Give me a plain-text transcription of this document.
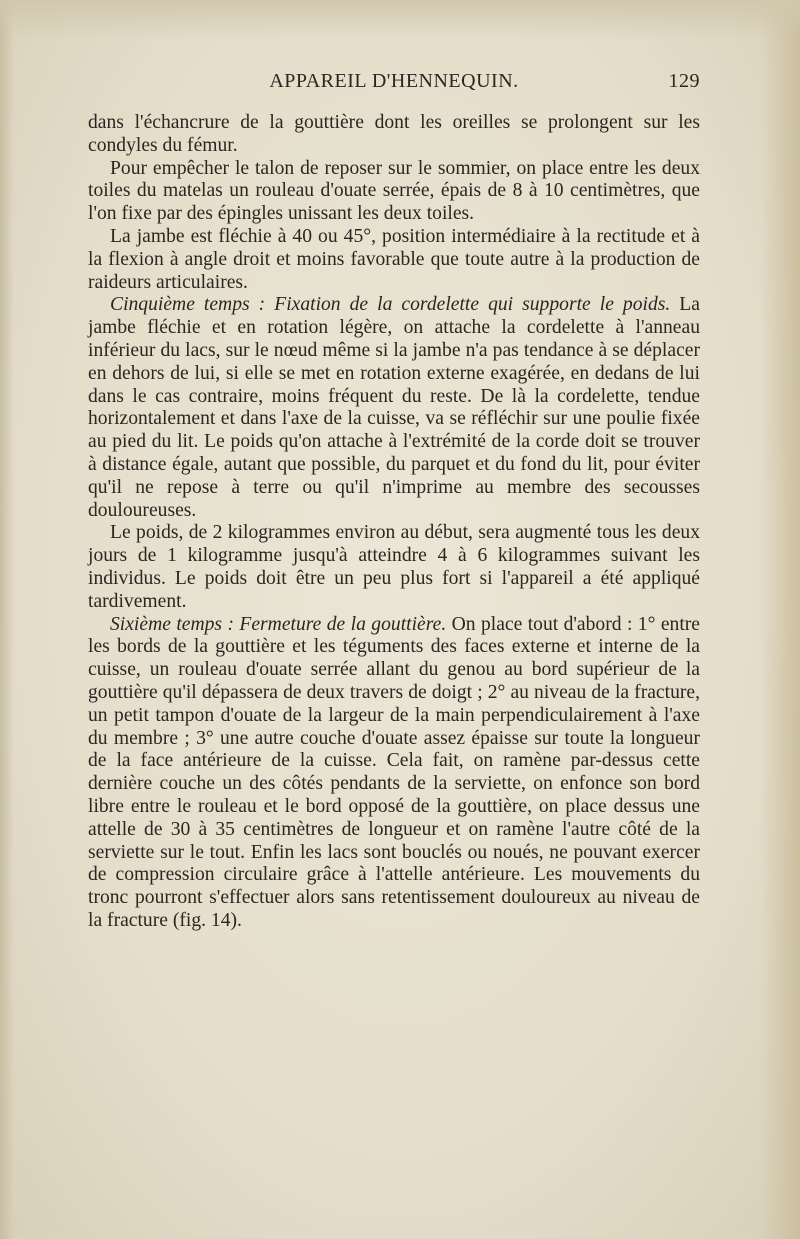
APPAREIL D'HENNEQUIN.	129

dans l'échancrure de la gouttière dont les oreilles se prolongent sur les condyles du fémur.

Pour empêcher le talon de reposer sur le sommier, on place entre les deux toiles du matelas un rouleau d'ouate serrée, épais de 8 à 10 centimètres, que l'on fixe par des épingles unissant les deux toiles.

La jambe est fléchie à 40 ou 45°, position intermédiaire à la rectitude et à la flexion à angle droit et moins favorable que toute autre à la production de raideurs articulaires.

Cinquième temps : Fixation de la cordelette qui supporte le poids. La jambe fléchie et en rotation légère, on attache la cordelette à l'anneau inférieur du lacs, sur le nœud même si la jambe n'a pas tendance à se déplacer en dehors de lui, si elle se met en rotation externe exagérée, en dedans de lui dans le cas contraire, moins fréquent du reste. De là la cordelette, tendue horizontalement et dans l'axe de la cuisse, va se réfléchir sur une poulie fixée au pied du lit. Le poids qu'on attache à l'extrémité de la corde doit se trouver à distance égale, autant que possible, du parquet et du fond du lit, pour éviter qu'il ne repose à terre ou qu'il n'imprime au membre des secousses douloureuses.

Le poids, de 2 kilogrammes environ au début, sera augmenté tous les deux jours de 1 kilogramme jusqu'à atteindre 4 à 6 kilogrammes suivant les individus. Le poids doit être un peu plus fort si l'appareil a été appliqué tardivement.

Sixième temps : Fermeture de la gouttière. On place tout d'abord : 1° entre les bords de la gouttière et les téguments des faces externe et interne de la cuisse, un rouleau d'ouate serrée allant du genou au bord supérieur de la gouttière qu'il dépassera de deux travers de doigt ; 2° au niveau de la fracture, un petit tampon d'ouate de la largeur de la main perpendiculairement à l'axe du membre ; 3° une autre couche d'ouate assez épaisse sur toute la longueur de la face antérieure de la cuisse. Cela fait, on ramène par-dessus cette dernière couche un des côtés pendants de la serviette, on enfonce son bord libre entre le rouleau et le bord opposé de la gouttière, on place dessus une attelle de 30 à 35 centimètres de longueur et on ramène l'autre côté de la serviette sur le tout. Enfin les lacs sont bouclés ou noués, ne pouvant exercer de compression circulaire grâce à l'attelle antérieure. Les mouvements du tronc pourront s'effectuer alors sans retentissement douloureux au niveau de la fracture (fig. 14).
